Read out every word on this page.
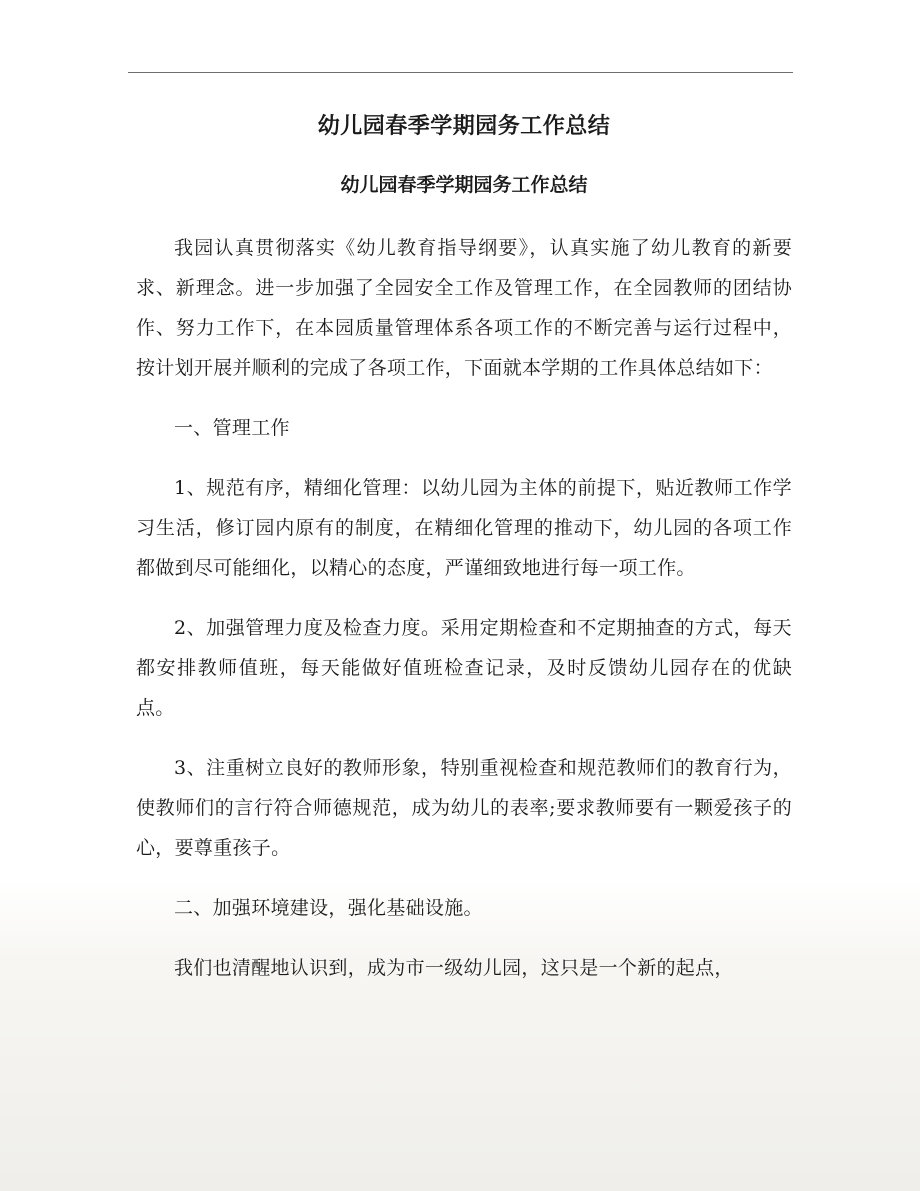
幼儿园春季学期园务工作总结
幼儿园春季学期园务工作总结

我园认真贯彻落实《幼儿教育指导纲要》，认真实施了幼儿教育的新要求、新理念。进一步加强了全园安全工作及管理工作，在全园教师的团结协作、努力工作下，在本园质量管理体系各项工作的不断完善与运行过程中，按计划开展并顺利的完成了各项工作，下面就本学期的工作具体总结如下：

一、管理工作

1、规范有序，精细化管理：以幼儿园为主体的前提下，贴近教师工作学习生活，修订园内原有的制度，在精细化管理的推动下，幼儿园的各项工作都做到尽可能细化，以精心的态度，严谨细致地进行每一项工作。

2、加强管理力度及检查力度。采用定期检查和不定期抽查的方式，每天都安排教师值班，每天能做好值班检查记录，及时反馈幼儿园存在的优缺点。

3、注重树立良好的教师形象，特别重视检查和规范教师们的教育行为，使教师们的言行符合师德规范，成为幼儿的表率;要求教师要有一颗爱孩子的心，要尊重孩子。

二、加强环境建设，强化基础设施。

我们也清醒地认识到，成为市一级幼儿园，这只是一个新的起点，
